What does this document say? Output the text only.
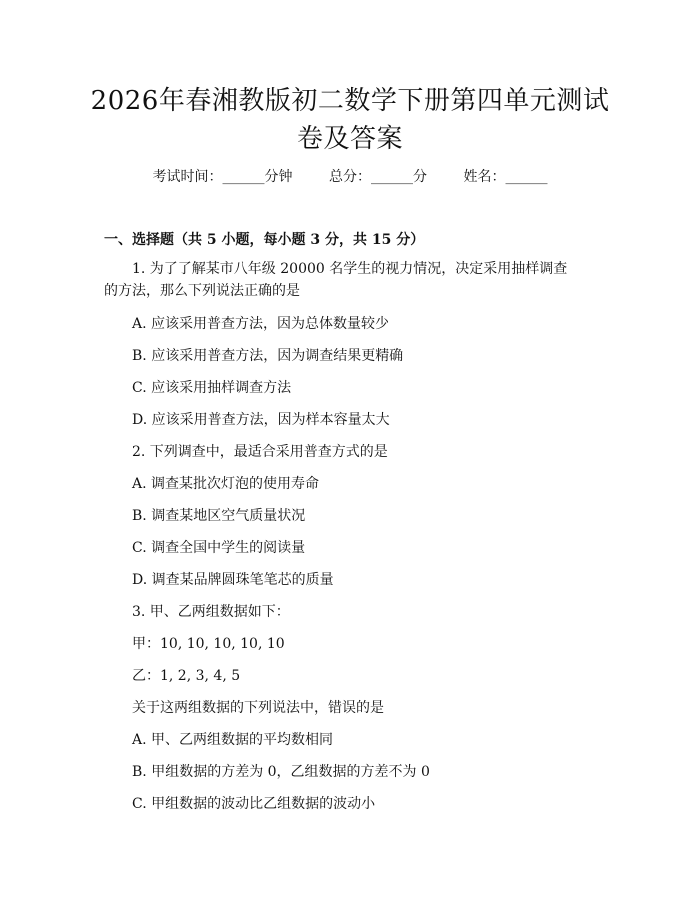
2026年春湘教版初二数学下册第四单元测试
卷及答案
考试时间：______分钟	总分：______分	姓名：______
一、选择题（共 5 小题，每小题 3 分，共 15 分）
1. 为了了解某市八年级 20000 名学生的视力情况，决定采用抽样调查的方法，那么下列说法正确的是
A. 应该采用普查方法，因为总体数量较少
B. 应该采用普查方法，因为调查结果更精确
C. 应该采用抽样调查方法
D. 应该采用普查方法，因为样本容量太大
2. 下列调查中，最适合采用普查方式的是
A. 调查某批次灯泡的使用寿命
B. 调查某地区空气质量状况
C. 调查全国中学生的阅读量
D. 调查某品牌圆珠笔笔芯的质量
3. 甲、乙两组数据如下：
甲：10, 10, 10, 10, 10
乙：1, 2, 3, 4, 5
关于这两组数据的下列说法中，错误的是
A. 甲、乙两组数据的平均数相同
B. 甲组数据的方差为 0，乙组数据的方差不为 0
C. 甲组数据的波动比乙组数据的波动小
